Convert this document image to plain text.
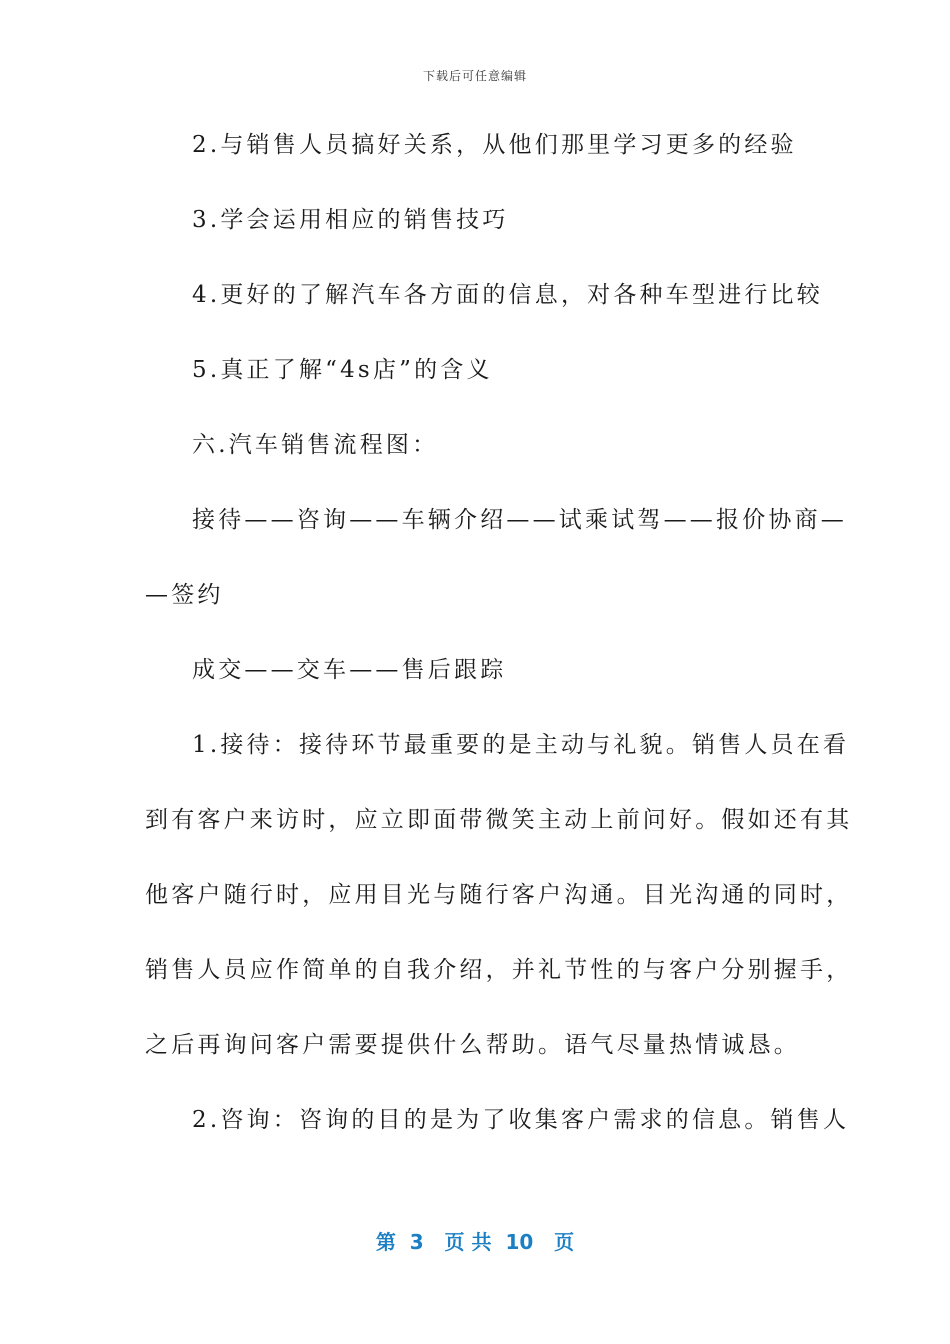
下载后可任意编辑
2.与销售人员搞好关系，从他们那里学习更多的经验
3.学会运用相应的销售技巧
4.更好的了解汽车各方面的信息，对各种车型进行比较
5.真正了解“4s店”的含义
六.汽车销售流程图：
接待——咨询——车辆介绍——试乘试驾——报价协商—
—签约
成交——交车——售后跟踪
1.接待：接待环节最重要的是主动与礼貌。销售人员在看
到有客户来访时，应立即面带微笑主动上前问好。假如还有其
他客户随行时，应用目光与随行客户沟通。目光沟通的同时，
销售人员应作简单的自我介绍，并礼节性的与客户分别握手，
之后再询问客户需要提供什么帮助。语气尽量热情诚恳。
2.咨询：咨询的目的是为了收集客户需求的信息。销售人
第  3   页 共  10   页
